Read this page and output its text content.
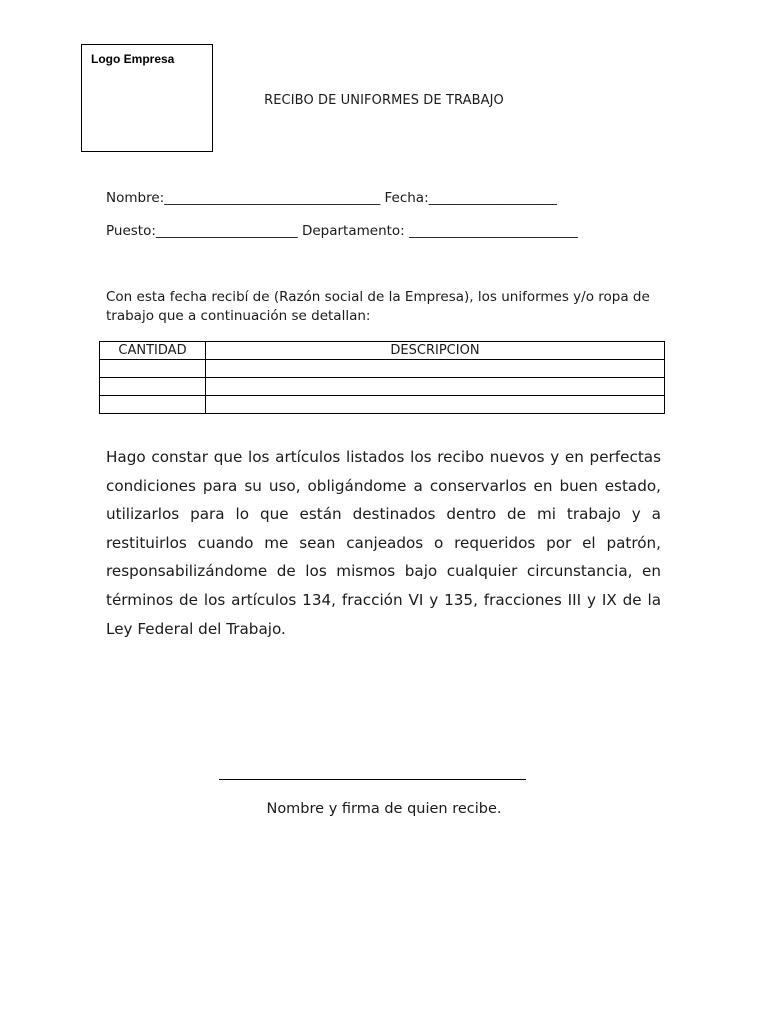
Logo Empresa
RECIBO DE UNIFORMES DE TRABAJO
Nombre:________________________________ Fecha:___________________
Puesto:_____________________ Departamento: _________________________
Con esta fecha recibí de (Razón social de la Empresa), los uniformes y/o ropa de trabajo que a continuación se detallan:
CANTIDAD	DESCRIPCION

Hago constar que los artículos listados los recibo nuevos y en perfectas condiciones para su uso, obligándome a conservarlos en buen estado, utilizarlos para lo que están destinados dentro de mi trabajo y a restituirlos cuando me sean canjeados o requeridos por el patrón, responsabilizándome de los mismos bajo cualquier circunstancia, en términos de los artículos 134, fracción VI y 135, fracciones III y IX de la Ley Federal del Trabajo.
Nombre y firma de quien recibe.
